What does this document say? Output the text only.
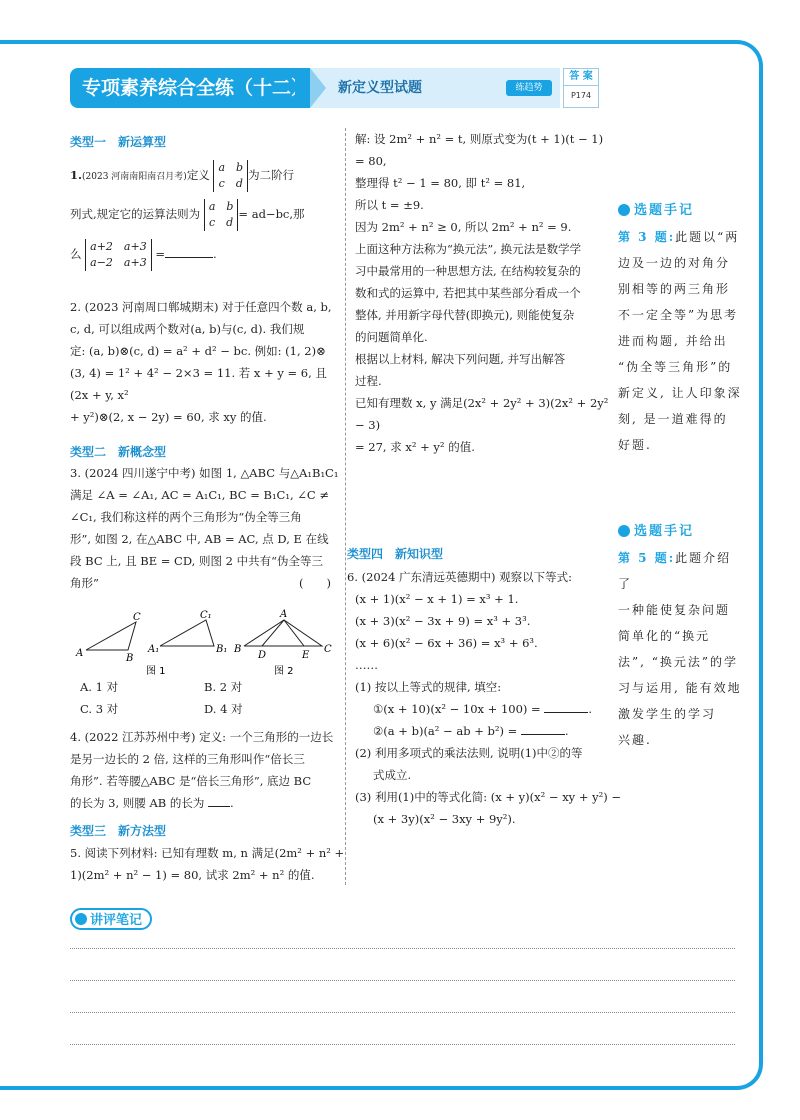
专项素养综合全练（十二） 新定义型试题	练趋势
答 案
P174
类型一　新运算型
1.(2023 河南南阳南召月考)定义
a　b
c　d
为二阶行
列式,规定它的运算法则为
a　b
c　d
= ad−bc,那
么
a+2　a+3
a−2　a+3
=	.
2. (2023 河南周口郸城期末) 对于任意四个数 a, b,
c, d, 可以组成两个数对(a, b)与(c, d). 我们规
定: (a, b)⊗(c, d) = a² + d² − bc. 例如: (1, 2)⊗
(3, 4) = 1² + 4² − 2×3 = 11. 若 x + y = 6, 且(2x + y, x²
+ y²)⊗(2, x − 2y) = 60, 求 xy 的值.
类型二　新概念型
3. (2024 四川遂宁中考) 如图 1, △ABC 与△A₁B₁C₁
满足 ∠A = ∠A₁, AC = A₁C₁, BC = B₁C₁, ∠C ≠
∠C₁, 我们称这样的两个三角形为“伪全等三角
形”, 如图 2, 在△ABC 中, AB = AC, 点 D, E 在线
段 BC 上, 且 BE = CD, 则图 2 中共有“伪全等三
角形”	(　　)
A	B
C
A₁
C₁
B₁
A
B
D	E
C
图 1	图 2
A. 1 对	B. 2 对
C. 3 对	D. 4 对
4. (2022 江苏苏州中考) 定义: 一个三角形的一边长
是另一边长的 2 倍, 这样的三角形叫作“倍长三
角形”. 若等腰△ABC 是“倍长三角形”, 底边 BC
的长为 3, 则腰 AB 的长为 .
类型三　新方法型
5. 阅读下列材料: 已知有理数 m, n 满足(2m² + n² +
1)(2m² + n² − 1) = 80, 试求 2m² + n² 的值.
解: 设 2m² + n² = t, 则原式变为(t + 1)(t − 1) = 80,
整理得 t² − 1 = 80, 即 t² = 81,
所以 t = ±9.
因为 2m² + n² ≥ 0, 所以 2m² + n² = 9.
上面这种方法称为“换元法”, 换元法是数学学
习中最常用的一种思想方法, 在结构较复杂的
数和式的运算中, 若把其中某些部分看成一个
整体, 并用新字母代替(即换元), 则能使复杂
的问题简单化.
根据以上材料, 解决下列问题, 并写出解答
过程.
已知有理数 x, y 满足(2x² + 2y² + 3)(2x² + 2y² − 3)
= 27, 求 x² + y² 的值.
类型四　新知识型
6. (2024 广东清远英德期中) 观察以下等式:
(x + 1)(x² − x + 1) = x³ + 1.
(x + 3)(x² − 3x + 9) = x³ + 3³.
(x + 6)(x² − 6x + 36) = x³ + 6³.
……
(1) 按以上等式的规律, 填空:
①(x + 10)(x² − 10x + 100) =	.
②(a + b)(a² − ab + b²) =	.
(2) 利用多项式的乘法法则, 说明(1)中②的等
式成立.
(3) 利用(1)中的等式化简: (x + y)(x² − xy + y²) −
(x + 3y)(x² − 3xy + 9y²).
选题手记
第 3 题:此题以“两
边及一边的对角分
别相等的两三角形
不一定全等”为思考
进而构题, 并给出
“伪全等三角形”的
新定义, 让人印象深
刻, 是一道难得的
好题.
选题手记
第 5 题:此题介绍了
一种能使复杂问题
简单化的“换元
法”, “换元法”的学
习与运用, 能有效地
激发学生的学习
兴趣.
讲评笔记
